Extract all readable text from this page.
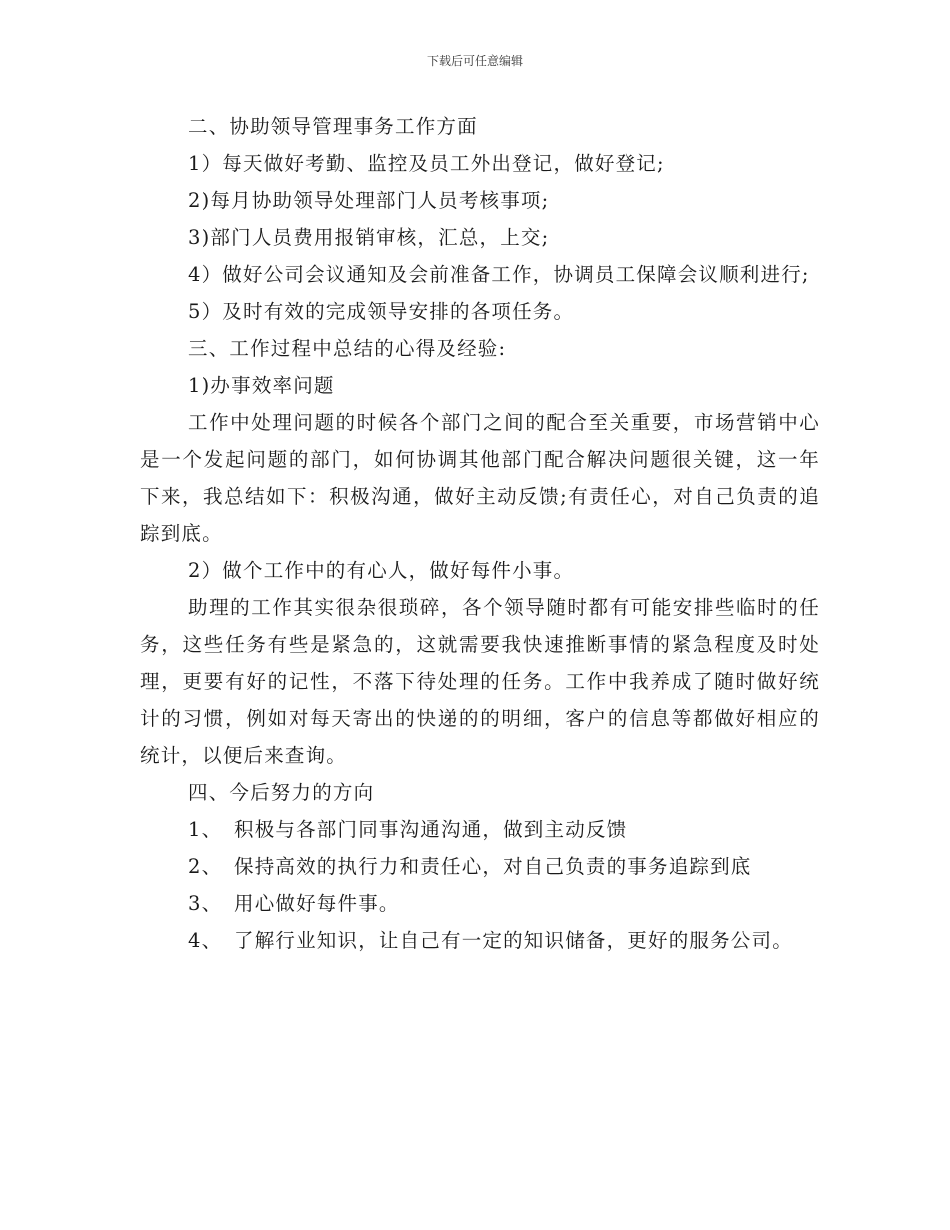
下载后可任意编辑

二、协助领导管理事务工作方面

1）每天做好考勤、监控及员工外出登记，做好登记;

2)每月协助领导处理部门人员考核事项;

3)部门人员费用报销审核，汇总，上交;

4）做好公司会议通知及会前准备工作，协调员工保障会议顺利进行;

5）及时有效的完成领导安排的各项任务。

三、工作过程中总结的心得及经验:

1)办事效率问题

工作中处理问题的时候各个部门之间的配合至关重要，市场营销中心是一个发起问题的部门，如何协调其他部门配合解决问题很关键，这一年下来，我总结如下：积极沟通，做好主动反馈;有责任心，对自己负责的追踪到底。

2）做个工作中的有心人，做好每件小事。

助理的工作其实很杂很琐碎，各个领导随时都有可能安排些临时的任务，这些任务有些是紧急的，这就需要我快速推断事情的紧急程度及时处理，更要有好的记性，不落下待处理的任务。工作中我养成了随时做好统计的习惯，例如对每天寄出的快递的的明细，客户的信息等都做好相应的统计，以便后来查询。

四、今后努力的方向

1、 积极与各部门同事沟通沟通，做到主动反馈

2、 保持高效的执行力和责任心，对自己负责的事务追踪到底

3、 用心做好每件事。

4、 了解行业知识，让自己有一定的知识储备，更好的服务公司。
